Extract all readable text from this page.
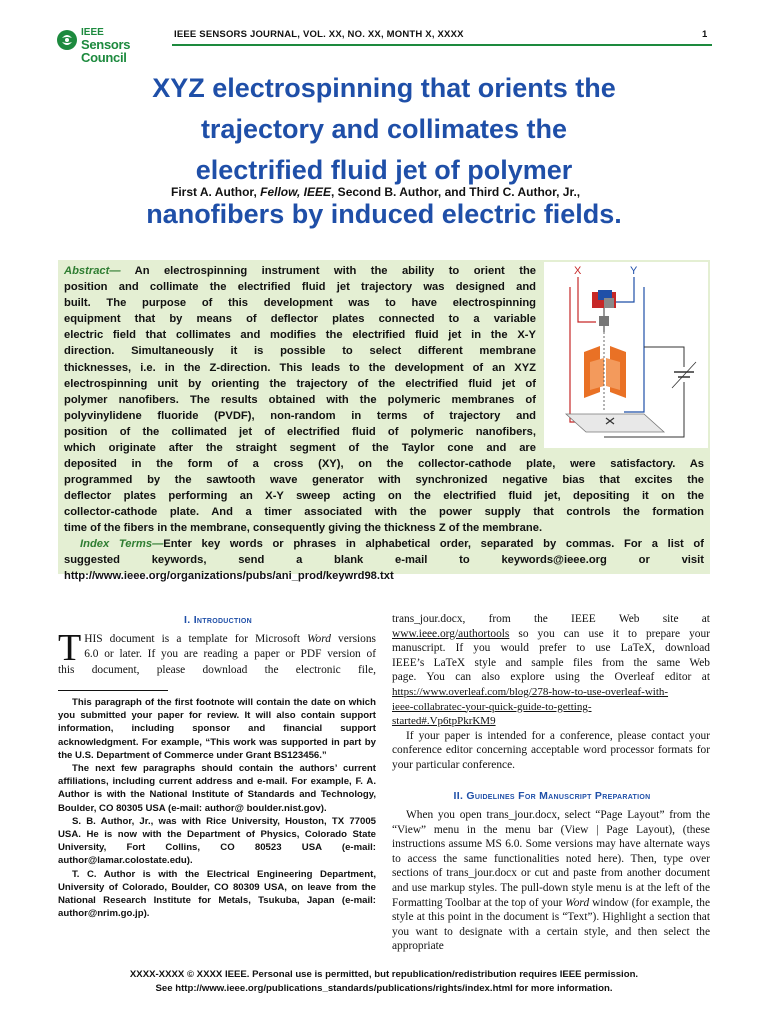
IEEE
Sensors Council
IEEE SENSORS JOURNAL, VOL. XX, NO. XX, MONTH X, XXXX	1
XYZ electrospinning that orients the
trajectory and collimates the
electrified fluid jet of polymer
nanofibers by induced electric fields.
First A. Author, Fellow, IEEE, Second B. Author, and Third C. Author, Jr.,
X	Y
Abstract— An electrospinning instrument with the ability to orient the
position and collimate the electrified fluid jet trajectory was designed and
built. The purpose of this development was to have electrospinning
equipment that by means of deflector plates connected to a variable
electric field that collimates and modifies the electrified fluid jet in the X-Y
direction. Simultaneously it is possible to select different membrane
thicknesses, i.e. in the Z-direction. This leads to the development of an XYZ
electrospinning unit by orienting the trajectory of the electrified fluid jet of
polymer nanofibers. The results obtained with the polymeric membranes of
polyvinylidene fluoride (PVDF), non-random in terms of trajectory and
position of the collimated jet of electrified fluid of polymeric nanofibers,
which originate after the straight segment of the Taylor cone and are
deposited in the form of a cross (XY), on the collector-cathode plate, were satisfactory. As
programmed by the sawtooth wave generator with synchronized negative bias that excites the
deflector plates performing an X-Y sweep acting on the electrified fluid jet, depositing it on the
collector-cathode plate. And a timer associated with the power supply that controls the formation
time of the fibers in the membrane, consequently giving the thickness Z of the membrane.
Index Terms—Enter key words or phrases in alphabetical order, separated by commas. For a list of
suggested	keywords,	send	a	blank	e-mail	to	keywords@ieee.org	or	visit
http://www.ieee.org/organizations/pubs/ani_prod/keywrd98.txt
I. Introduction
T HIS document is a template for Microsoft Word versions
6.0 or later. If you are reading a paper or PDF version of
this document, please download the electronic file,
This paragraph of the first footnote will contain the date on which you submitted your paper for review. It will also contain support information, including sponsor and financial support acknowledgment. For example, “This work was supported in part by the U.S. Department of Commerce under Grant BS123456.”
The next few paragraphs should contain the authors’ current affiliations, including current address and e-mail. For example, F. A. Author is with the National Institute of Standards and Technology, Boulder, CO 80305 USA (e-mail: author@ boulder.nist.gov).
S. B. Author, Jr., was with Rice University, Houston, TX 77005 USA. He is now with the Department of Physics, Colorado State University, Fort Collins, CO 80523 USA (e-mail: author@lamar.colostate.edu).
T. C. Author is with the Electrical Engineering Department, University of Colorado, Boulder, CO 80309 USA, on leave from the National Research Institute for Metals, Tsukuba, Japan (e-mail: author@nrim.go.jp).
trans_jour.docx, from the IEEE Web site at
www.ieee.org/authortools so you can use it to prepare your
manuscript. If you would prefer to use LaTeX, download
IEEE’s LaTeX style and sample files from the same Web
page. You can also explore using the Overleaf editor at
https://www.overleaf.com/blog/278-how-to-use-overleaf-with-
ieee-collabratec-your-quick-guide-to-getting-
started#.Vp6tpPkrKM9
If your paper is intended for a conference, please contact your conference editor concerning acceptable word processor formats for your particular conference.
II. Guidelines For Manuscript Preparation
When you open trans_jour.docx, select “Page Layout” from the “View” menu in the menu bar (View | Page Layout), (these instructions assume MS 6.0. Some versions may have alternate ways to access the same functionalities noted here). Then, type over sections of trans_jour.docx or cut and paste from another document and use markup styles. The pull-down style menu is at the left of the Formatting Toolbar at the top of your Word window (for example, the style at this point in the document is “Text”). Highlight a section that you want to designate with a certain style, and then select the appropriate
XXXX-XXXX © XXXX IEEE. Personal use is permitted, but republication/redistribution requires IEEE permission.
See http://www.ieee.org/publications_standards/publications/rights/index.html for more information.
